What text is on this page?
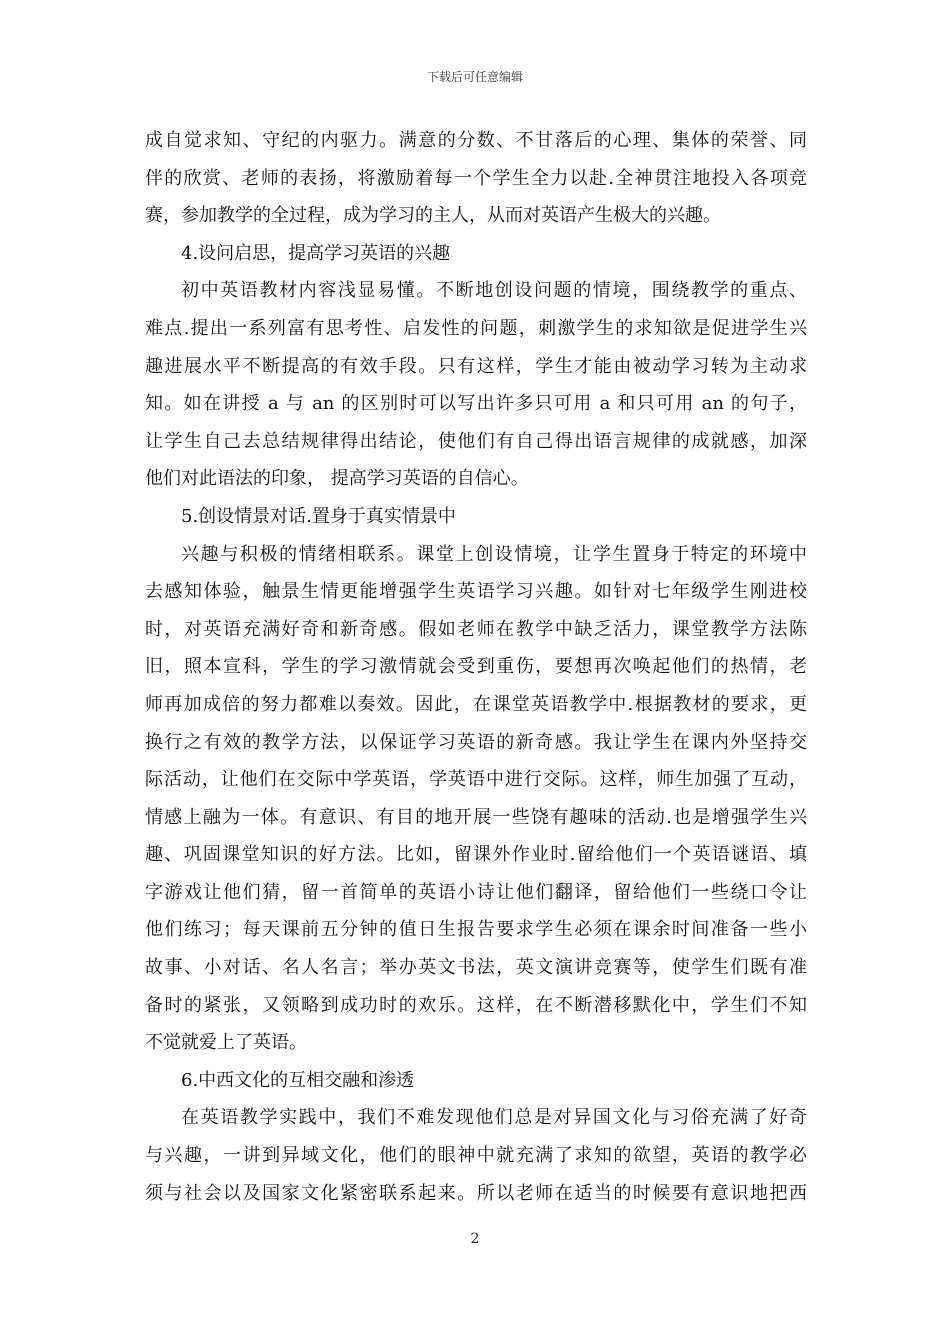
下载后可任意编辑
成自觉求知、守纪的内驱力。满意的分数、不甘落后的心理、集体的荣誉、同
伴的欣赏、老师的表扬，将激励着每一个学生全力以赴.全神贯注地投入各项竞
赛，参加教学的全过程，成为学习的主人，从而对英语产生极大的兴趣。
4.设问启思，提高学习英语的兴趣
初中英语教材内容浅显易懂。不断地创设问题的情境，围绕教学的重点、
难点.提出一系列富有思考性、启发性的问题，刺激学生的求知欲是促进学生兴
趣进展水平不断提高的有效手段。只有这样，学生才能由被动学习转为主动求
知。如在讲授 a 与 an 的区别时可以写出许多只可用 a 和只可用 an 的句子，
让学生自己去总结规律得出结论，使他们有自己得出语言规律的成就感，加深
他们对此语法的印象， 提高学习英语的自信心。
5.创设情景对话.置身于真实情景中
兴趣与积极的情绪相联系。课堂上创设情境，让学生置身于特定的环境中
去感知体验，触景生情更能增强学生英语学习兴趣。如针对七年级学生刚进校
时，对英语充满好奇和新奇感。假如老师在教学中缺乏活力，课堂教学方法陈
旧，照本宣科，学生的学习激情就会受到重伤，要想再次唤起他们的热情，老
师再加成倍的努力都难以奏效。因此，在课堂英语教学中.根据教材的要求，更
换行之有效的教学方法，以保证学习英语的新奇感。我让学生在课内外坚持交
际活动，让他们在交际中学英语，学英语中进行交际。这样，师生加强了互动，
情感上融为一体。有意识、有目的地开展一些饶有趣味的活动.也是增强学生兴
趣、巩固课堂知识的好方法。比如，留课外作业时.留给他们一个英语谜语、填
字游戏让他们猜，留一首简单的英语小诗让他们翻译，留给他们一些绕口令让
他们练习；每天课前五分钟的值日生报告要求学生必须在课余时间准备一些小
故事、小对话、名人名言；举办英文书法，英文演讲竞赛等，使学生们既有准
备时的紧张，又领略到成功时的欢乐。这样，在不断潜移默化中，学生们不知
不觉就爱上了英语。
6.中西文化的互相交融和渗透
在英语教学实践中，我们不难发现他们总是对异国文化与习俗充满了好奇
与兴趣，一讲到异域文化，他们的眼神中就充满了求知的欲望，英语的教学必
须与社会以及国家文化紧密联系起来。所以老师在适当的时候要有意识地把西
2
